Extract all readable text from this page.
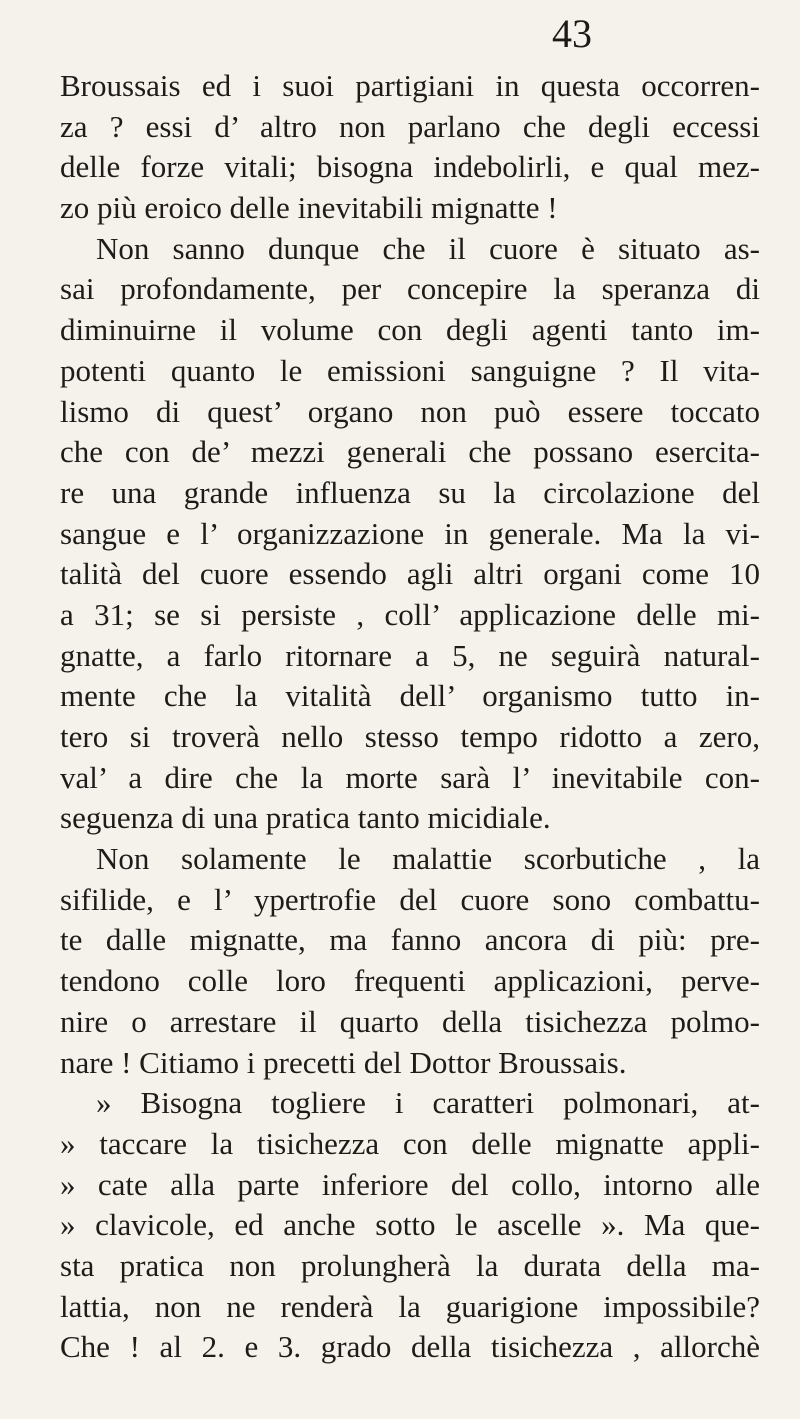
43
Broussais ed i suoi partigiani in questa occorren-
za ? essi d’ altro non parlano che degli eccessi
delle forze vitali; bisogna indebolirli, e qual mez-
zo più eroico delle inevitabili mignatte !
Non sanno dunque che il cuore è situato as-
sai profondamente, per concepire la speranza di
diminuirne il volume con degli agenti tanto im-
potenti quanto le emissioni sanguigne ? Il vita-
lismo di quest’ organo non può essere toccato
che con de’ mezzi generali che possano esercita-
re una grande influenza su la circolazione del
sangue e l’ organizzazione in generale. Ma la vi-
talità del cuore essendo agli altri organi come 10
a 31; se si persiste , coll’ applicazione delle mi-
gnatte, a farlo ritornare a 5, ne seguirà natural-
mente che la vitalità dell’ organismo tutto in-
tero si troverà nello stesso tempo ridotto a zero,
val’ a dire che la morte sarà l’ inevitabile con-
seguenza di una pratica tanto micidiale.
Non solamente le malattie scorbutiche , la
sifilide, e l’ ypertrofie del cuore sono combattu-
te dalle mignatte, ma fanno ancora di più: pre-
tendono colle loro frequenti applicazioni, perve-
nire o arrestare il quarto della tisichezza polmo-
nare ! Citiamo i precetti del Dottor Broussais.
» Bisogna togliere i caratteri polmonari, at-
» taccare la tisichezza con delle mignatte appli-
» cate alla parte inferiore del collo, intorno alle
» clavicole, ed anche sotto le ascelle ». Ma que-
sta pratica non prolungherà la durata della ma-
lattia, non ne renderà la guarigione impossibile?
Che ! al 2. e 3. grado della tisichezza , allorchè
